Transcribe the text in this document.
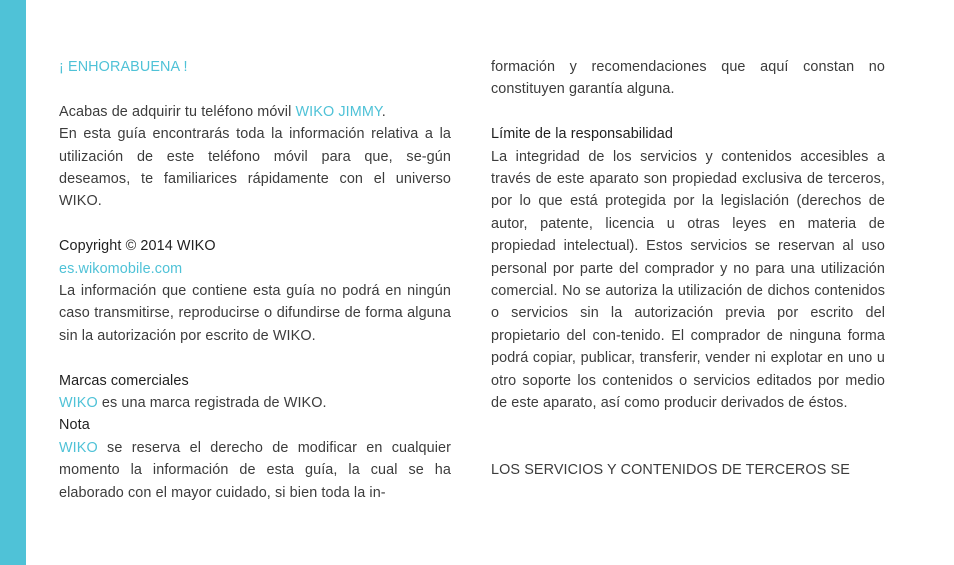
¡ ENHORABUENA !

Acabas de adquirir tu teléfono móvil WIKO JIMMY.

En esta guía encontrarás toda la información relativa a la utilización de este teléfono móvil para que, se-gún deseamos, te familiarices rápidamente con el universo WIKO.

Copyright © 2014 WIKO

es.wikomobile.com

La información que contiene esta guía no podrá en ningún caso transmitirse, reproducirse o difundirse de forma alguna sin la autorización por escrito de WIKO.

Marcas comerciales

WIKO es una marca registrada de WIKO.

Nota

WIKO se reserva el derecho de modificar en cualquier momento la información de esta guía, la cual se ha elaborado con el mayor cuidado, si bien toda la in-

formación y recomendaciones que aquí constan no constituyen garantía alguna.

Límite de la responsabilidad

La integridad de los servicios y contenidos accesibles a través de este aparato son propiedad exclusiva de terceros, por lo que está protegida por la legislación (derechos de autor, patente, licencia u otras leyes en materia de propiedad intelectual). Estos servicios se reservan al uso personal por parte del comprador y no para una utilización comercial. No se autoriza la utilización de dichos contenidos o servicios sin la autorización previa por escrito del propietario del con-tenido. El comprador de ninguna forma podrá copiar, publicar, transferir, vender ni explotar en uno u otro soporte los contenidos o servicios editados por medio de este aparato, así como producir derivados de éstos.

LOS SERVICIOS Y CONTENIDOS DE TERCEROS SE
